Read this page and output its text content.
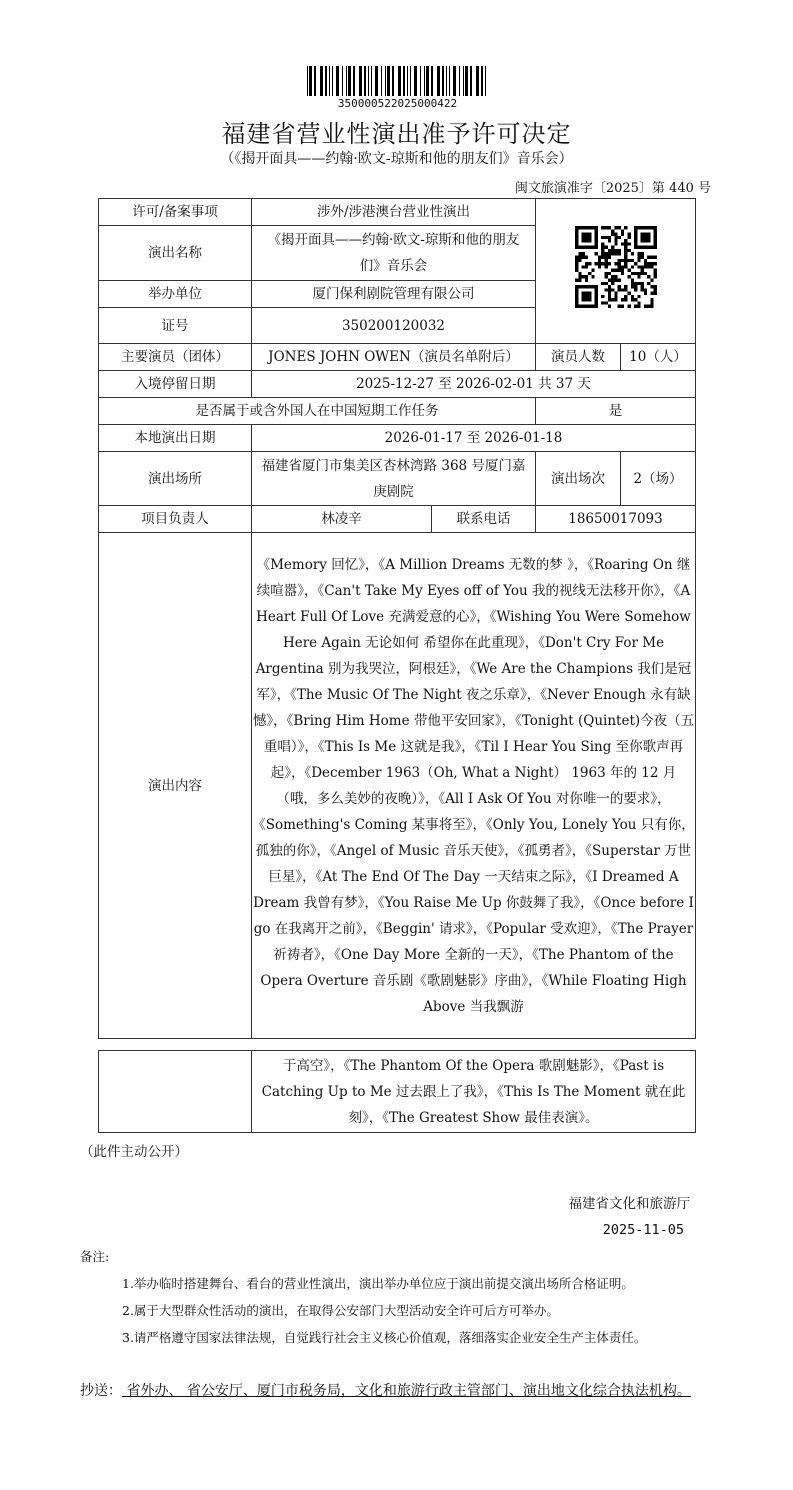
350000522025000422
福建省营业性演出准予许可决定
（《揭开面具——约翰·欧文-琼斯和他的朋友们》音乐会）
闽文旅演准字〔2025〕第 440 号
许可/备案事项	涉外/涉港澳台营业性演出	
演出名称	《揭开面具——约翰·欧文-琼斯和他的朋友们》音乐会			
举办单位	厦门保利剧院管理有限公司			
证号	350200120032			

主要演员（团体）	JONES JOHN OWEN（演员名单附后）		演员人数	10（人）
入境停留日期	2025-12-27 至 2026-02-01 共 37 天			
是否属于或含外国人在中国短期工作任务			是	
本地演出日期	2026-01-17 至 2026-01-18			
演出场所	福建省厦门市集美区杏林湾路 368 号厦门嘉庚剧院		演出场次	2（场）
项目负责人	林凌辛	联系电话	18650017093	
演出内容	《Memory 回忆》，《A Million Dreams 无数的梦 》，《Roaring On 继续喧嚣》，《Can't Take My Eyes off of You 我的视线无法移开你》，《A Heart Full Of Love 充满爱意的心》，《Wishing You Were Somehow Here Again 无论如何 希望你在此重现》，《Don't Cry For Me Argentina 别为我哭泣，阿根廷》，《We Are the Champions 我们是冠军》，《The Music Of The Night 夜之乐章》，《Never Enough 永有缺憾》，《Bring Him Home 带他平安回家》，《Tonight (Quintet)今夜（五重唱）》，《This Is Me 这就是我》，《Til I Hear You Sing 至你歌声再起》，《December 1963（Oh, What a Night） 1963 年的 12 月（哦，多么美妙的夜晚）》，《All I Ask Of You 对你唯一的要求》，《Something's Coming 某事将至》，《Only You, Lonely You 只有你，孤独的你》，《Angel of Music 音乐天使》，《孤勇者》，《Superstar 万世巨星》，《At The End Of The Day 一天结束之际》，《I Dreamed A Dream 我曾有梦》，《You Raise Me Up 你鼓舞了我》，《Once before I go 在我离开之前》，《Beggin' 请求》，《Popular 受欢迎》，《The Prayer 祈祷者》，《One Day More 全新的一天》，《The Phantom of the Opera Overture 音乐剧《歌剧魅影》序曲》，《While Floating High Above 当我飘游			
	于高空》，《The Phantom Of the Opera 歌剧魅影》，《Past is Catching Up to Me 过去跟上了我》，《This Is The Moment 就在此刻》，《The Greatest Show 最佳表演》。
（此件主动公开）
福建省文化和旅游厅
2025-11-05
备注:
1.举办临时搭建舞台、看台的营业性演出，演出举办单位应于演出前提交演出场所合格证明。
2.属于大型群众性活动的演出，在取得公安部门大型活动安全许可后方可举办。
3.请严格遵守国家法律法规，自觉践行社会主义核心价值观，落细落实企业安全生产主体责任。
抄送： 省外办、 省公安厅、厦门市税务局，文化和旅游行政主管部门、演出地文化综合执法机构。
